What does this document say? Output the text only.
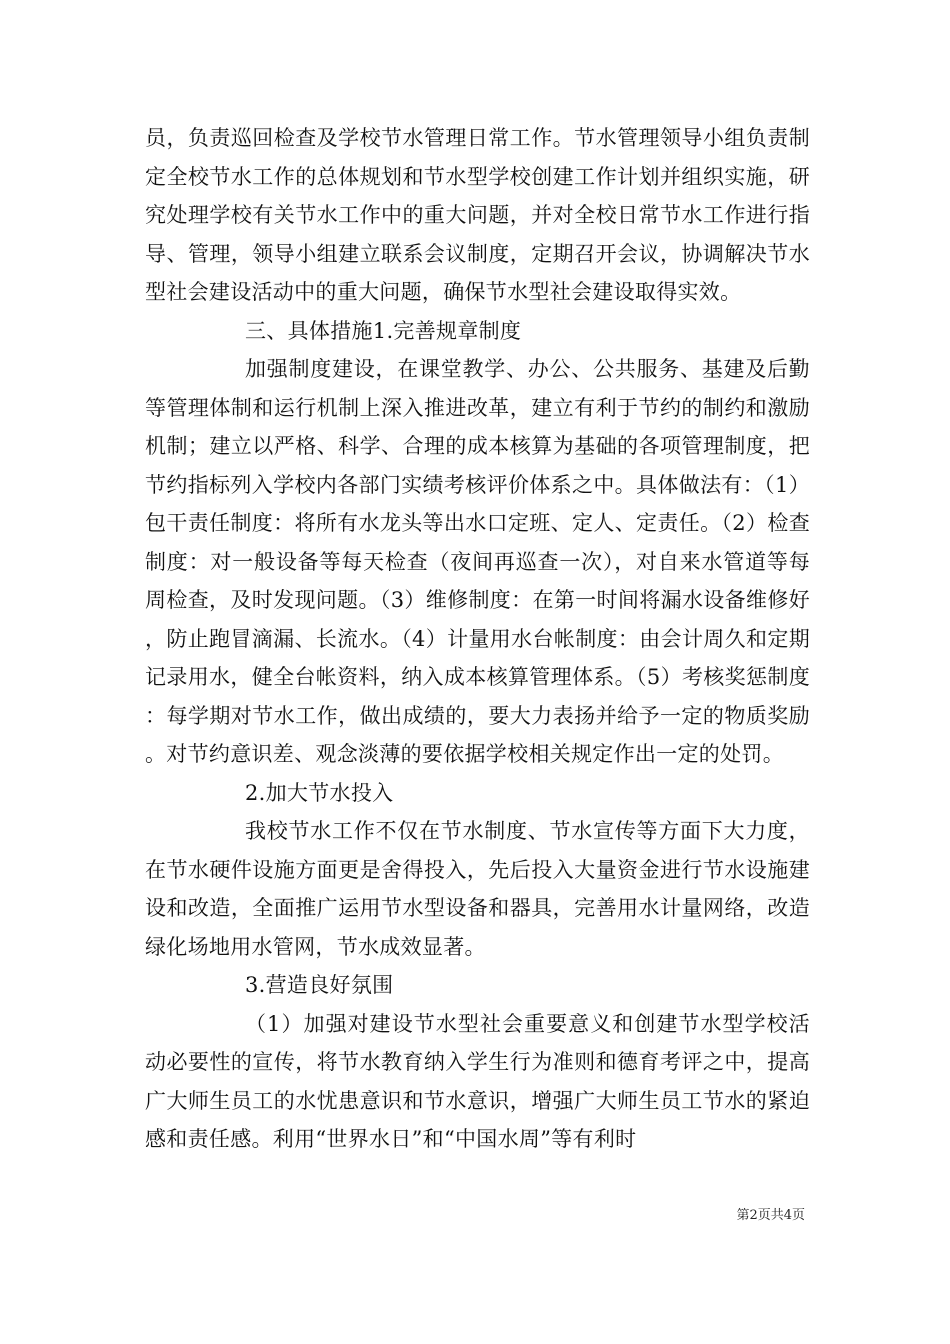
员，负责巡回检查及学校节水管理日常工作。节水管理领导小组负责制定全校节水工作的总体规划和节水型学校创建工作计划并组织实施，研究处理学校有关节水工作中的重大问题，并对全校日常节水工作进行指导、管理，领导小组建立联系会议制度，定期召开会议，协调解决节水型社会建设活动中的重大问题，确保节水型社会建设取得实效。

三、具体措施1.完善规章制度

加强制度建设，在课堂教学、办公、公共服务、基建及后勤等管理体制和运行机制上深入推进改革，建立有利于节约的制约和激励机制；建立以严格、科学、合理的成本核算为基础的各项管理制度，把节约指标列入学校内各部门实绩考核评价体系之中。具体做法有：（1）包干责任制度：将所有水龙头等出水口定班、定人、定责任。（2）检查制度：对一般设备等每天检查（夜间再巡查一次），对自来水管道等每周检查，及时发现问题。（3）维修制度：在第一时间将漏水设备维修好，防止跑冒滴漏、长流水。（4）计量用水台帐制度：由会计周久和定期记录用水，健全台帐资料，纳入成本核算管理体系。（5）考核奖惩制度：每学期对节水工作，做出成绩的，要大力表扬并给予一定的物质奖励。对节约意识差、观念淡薄的要依据学校相关规定作出一定的处罚。

2.加大节水投入

我校节水工作不仅在节水制度、节水宣传等方面下大力度，在节水硬件设施方面更是舍得投入，先后投入大量资金进行节水设施建设和改造，全面推广运用节水型设备和器具，完善用水计量网络，改造绿化场地用水管网，节水成效显著。

3.营造良好氛围

（1）加强对建设节水型社会重要意义和创建节水型学校活动必要性的宣传，将节水教育纳入学生行为准则和德育考评之中，提高广大师生员工的水忧患意识和节水意识，增强广大师生员工节水的紧迫感和责任感。利用“世界水日”和“中国水周”等有利时

第2页共4页
